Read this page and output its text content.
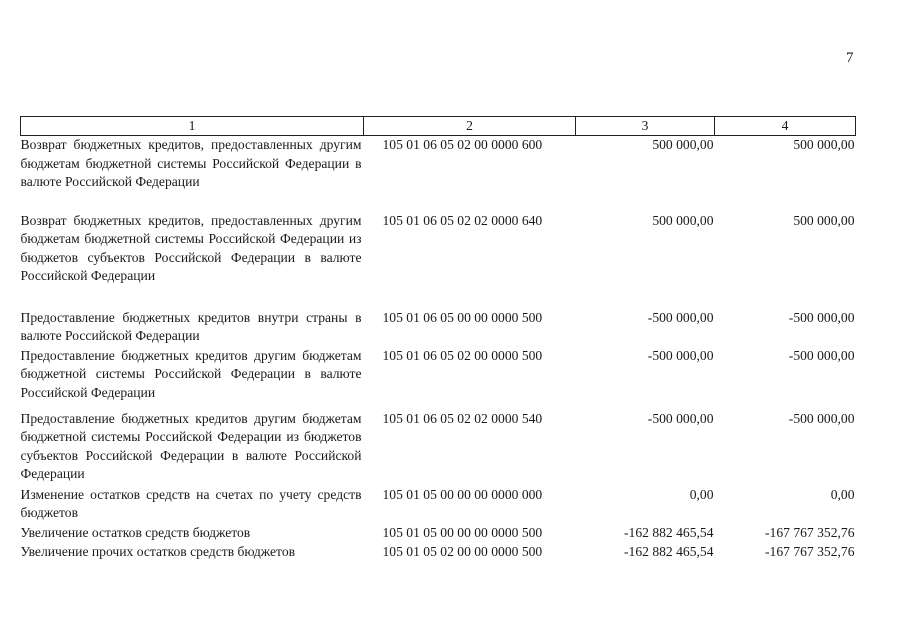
7
1	2	3	4
Возврат бюджетных кредитов, предоставленных другим бюджетам бюджетной системы Российской Федерации в валюте Российской Федерации	105 01 06 05 02 00 0000 600	500 000,00	500 000,00
Возврат бюджетных кредитов, предоставленных другим бюджетам бюджетной системы Российской Федерации из бюджетов субъектов Российской Федерации в валюте Российской Федерации	105 01 06 05 02 02 0000 640	500 000,00	500 000,00
Предоставление бюджетных кредитов внутри страны в валюте Российской Федерации	105 01 06 05 00 00 0000 500	-500 000,00	-500 000,00
Предоставление бюджетных кредитов другим бюджетам бюджетной системы Российской Федерации в валюте Российской Федерации	105 01 06 05 02 00 0000 500	-500 000,00	-500 000,00
Предоставление бюджетных кредитов другим бюджетам бюджетной системы Российской Федерации из бюджетов субъектов Российской Федерации в валюте Российской Федерации	105 01 06 05 02 02 0000 540	-500 000,00	-500 000,00
Изменение остатков средств на счетах по учету средств бюджетов	105 01 05 00 00 00 0000 000	0,00	0,00
Увеличение остатков средств бюджетов	105 01 05 00 00 00 0000 500	-162 882 465,54	-167 767 352,76
Увеличение прочих остатков средств бюджетов	105 01 05 02 00 00 0000 500	-162 882 465,54	-167 767 352,76
